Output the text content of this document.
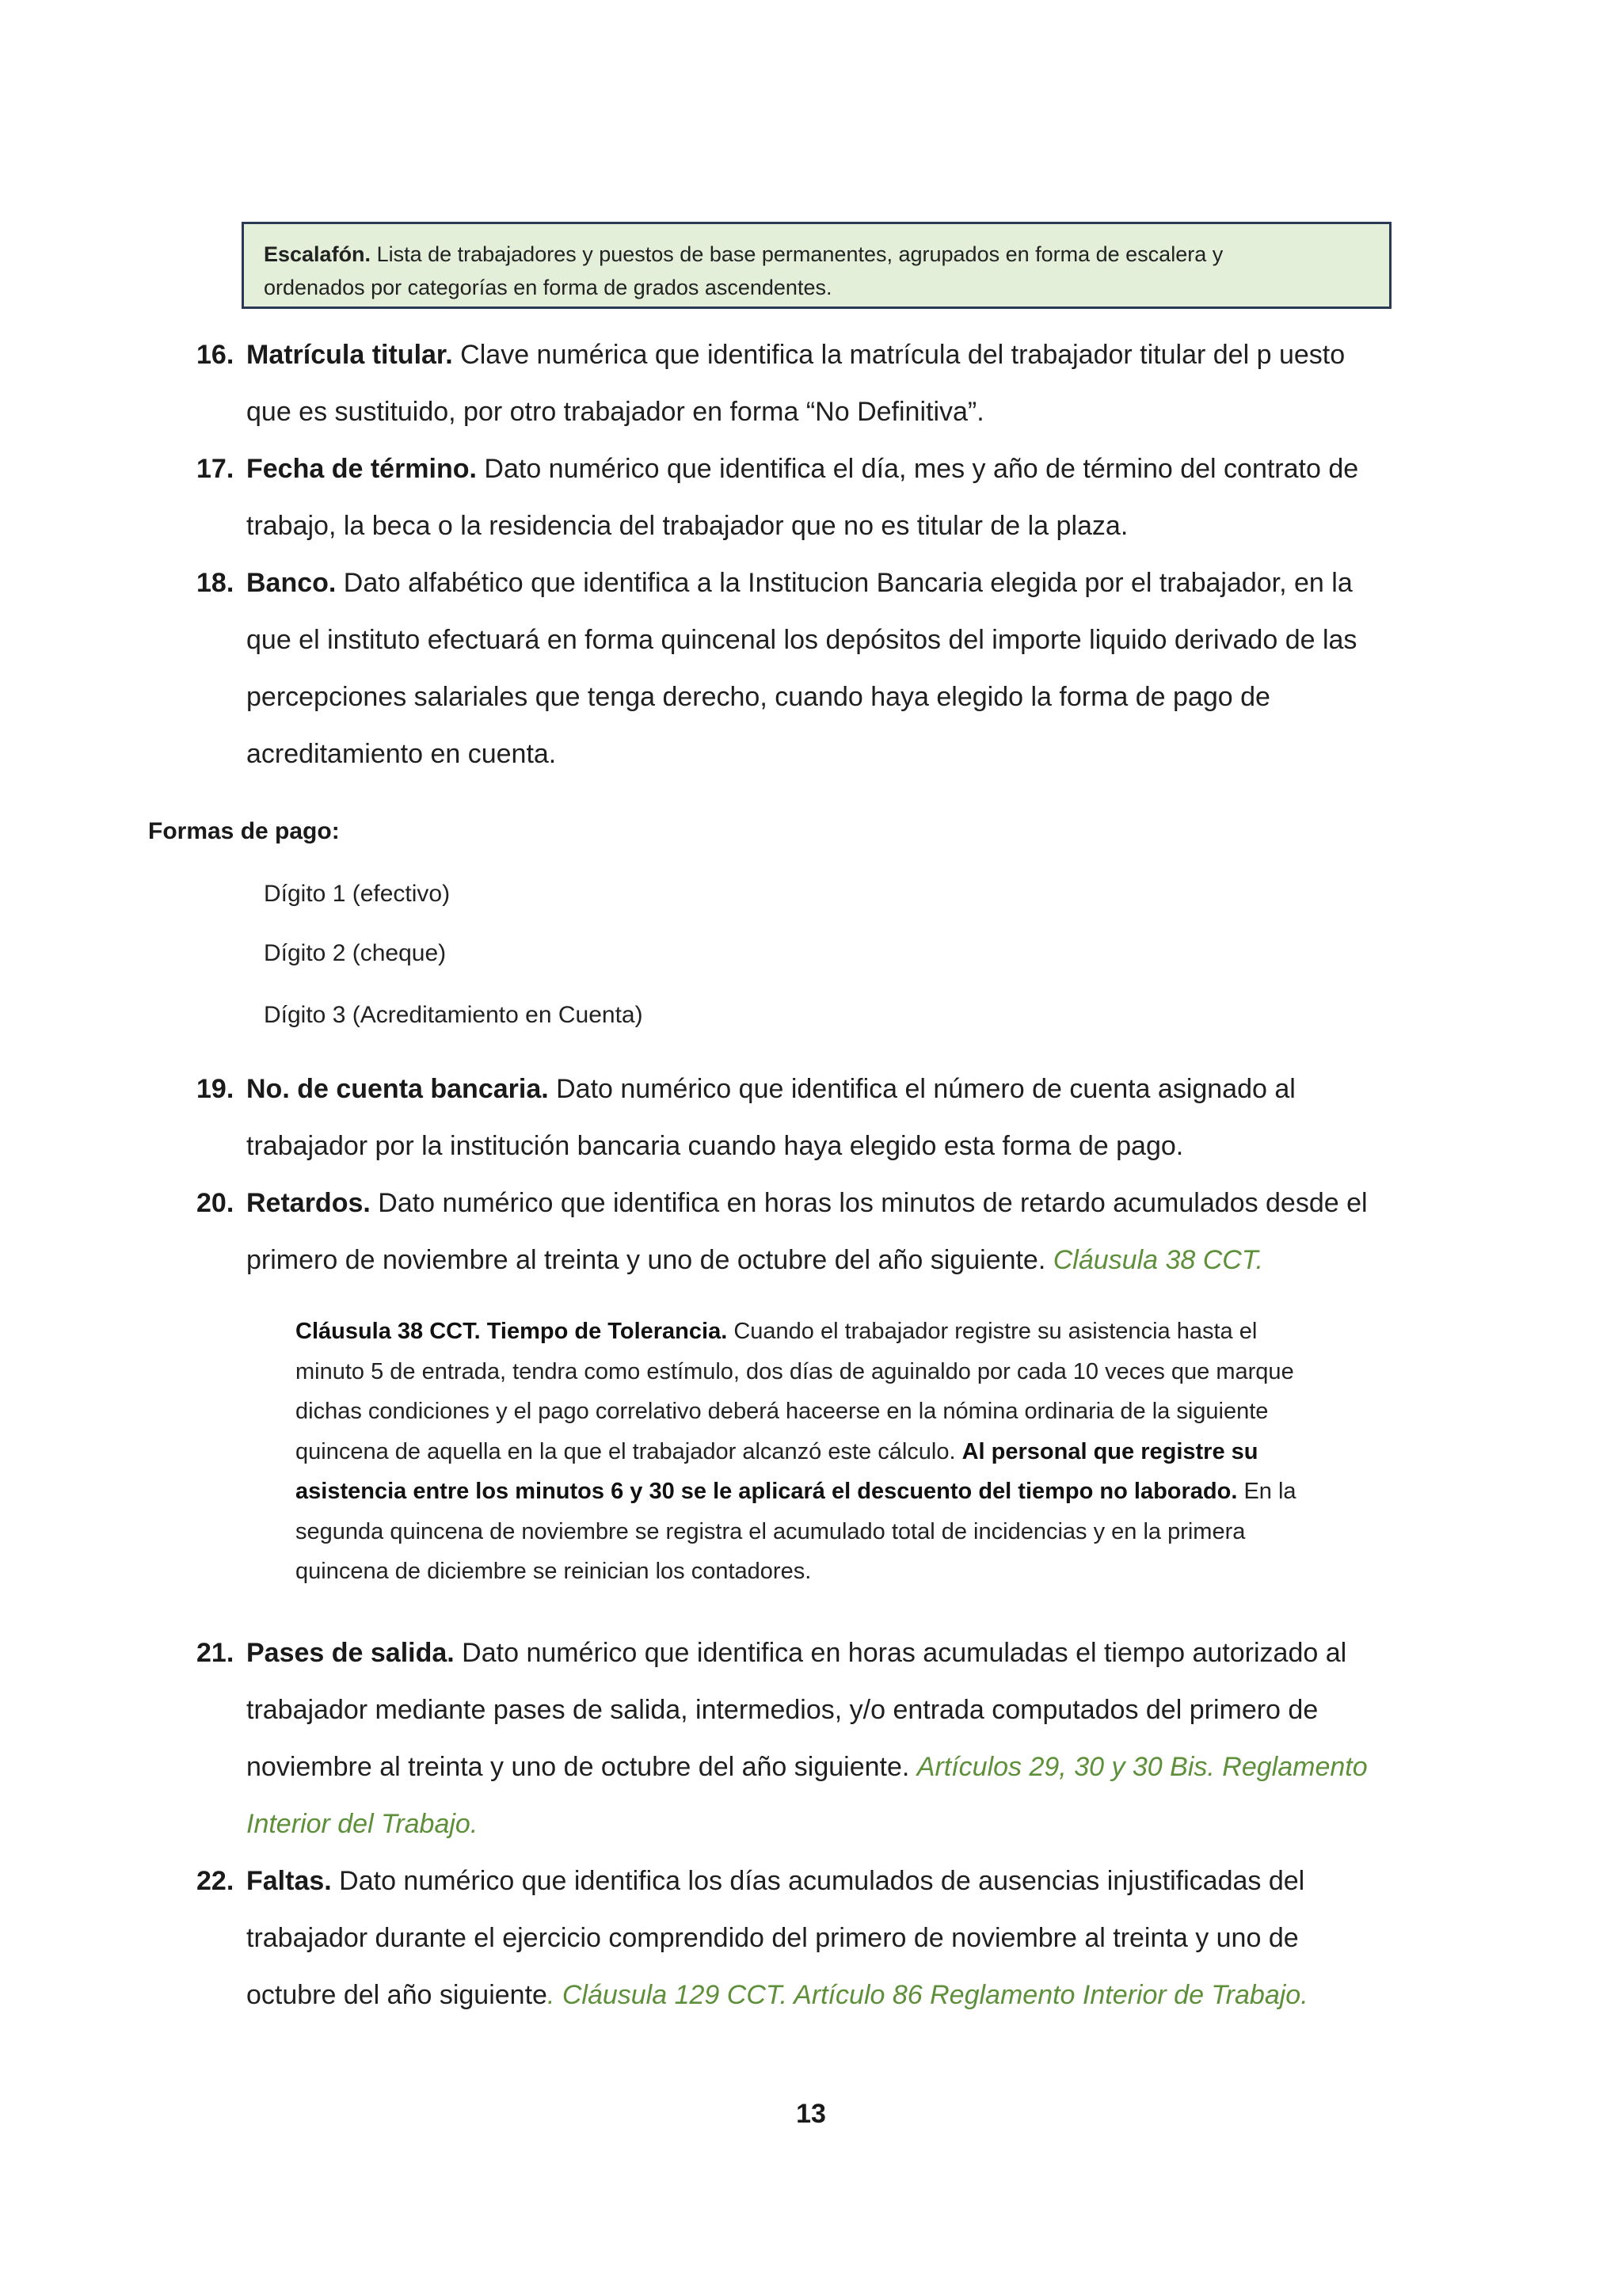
Escalafón. Lista de trabajadores y puestos de base permanentes, agrupados en forma de escalera y
ordenados por categorías en forma de grados ascendentes.
16. Matrícula titular. Clave numérica que identifica la matrícula del trabajador titular del p uesto
que es sustituido, por otro trabajador en forma “No Definitiva”.
17. Fecha de término. Dato numérico que identifica el día, mes y año de término del contrato de
trabajo, la beca o la residencia del trabajador que no es titular de la plaza.
18. Banco. Dato alfabético que identifica a la Institucion Bancaria elegida por el trabajador, en la
que el instituto efectuará en forma quincenal los depósitos del importe liquido derivado de las
percepciones salariales que tenga derecho, cuando haya elegido la forma de pago de
acreditamiento en cuenta.
Formas de pago:
Dígito 1 (efectivo)
Dígito 2 (cheque)
Dígito 3 (Acreditamiento en Cuenta)
19. No. de cuenta bancaria. Dato numérico que identifica el número de cuenta asignado al
trabajador por la institución bancaria cuando haya elegido esta forma de pago.
20. Retardos. Dato numérico que identifica en horas los minutos de retardo acumulados desde el
primero de noviembre al treinta y uno de octubre del año siguiente. Cláusula 38 CCT.
Cláusula 38 CCT. Tiempo de Tolerancia. Cuando el trabajador registre su asistencia hasta el
minuto 5 de entrada, tendra como estímulo, dos días de aguinaldo por cada 10 veces que marque
dichas condiciones y el pago correlativo deberá haceerse en la nómina ordinaria de la siguiente
quincena de aquella en la que el trabajador alcanzó este cálculo. Al personal que registre su
asistencia entre los minutos 6 y 30 se le aplicará el descuento del tiempo no laborado. En la
segunda quincena de noviembre se registra el acumulado total de incidencias y en la primera
quincena de diciembre se reinician los contadores.
21. Pases de salida. Dato numérico que identifica en horas acumuladas el tiempo autorizado al
trabajador mediante pases de salida, intermedios, y/o entrada computados del primero de
noviembre al treinta y uno de octubre del año siguiente. Artículos 29, 30 y 30 Bis. Reglamento
Interior del Trabajo.
22. Faltas. Dato numérico que identifica los días acumulados de ausencias injustificadas del
trabajador durante el ejercicio comprendido del primero de noviembre al treinta y uno de
octubre del año siguiente. Cláusula 129 CCT. Artículo 86 Reglamento Interior de Trabajo.
13
